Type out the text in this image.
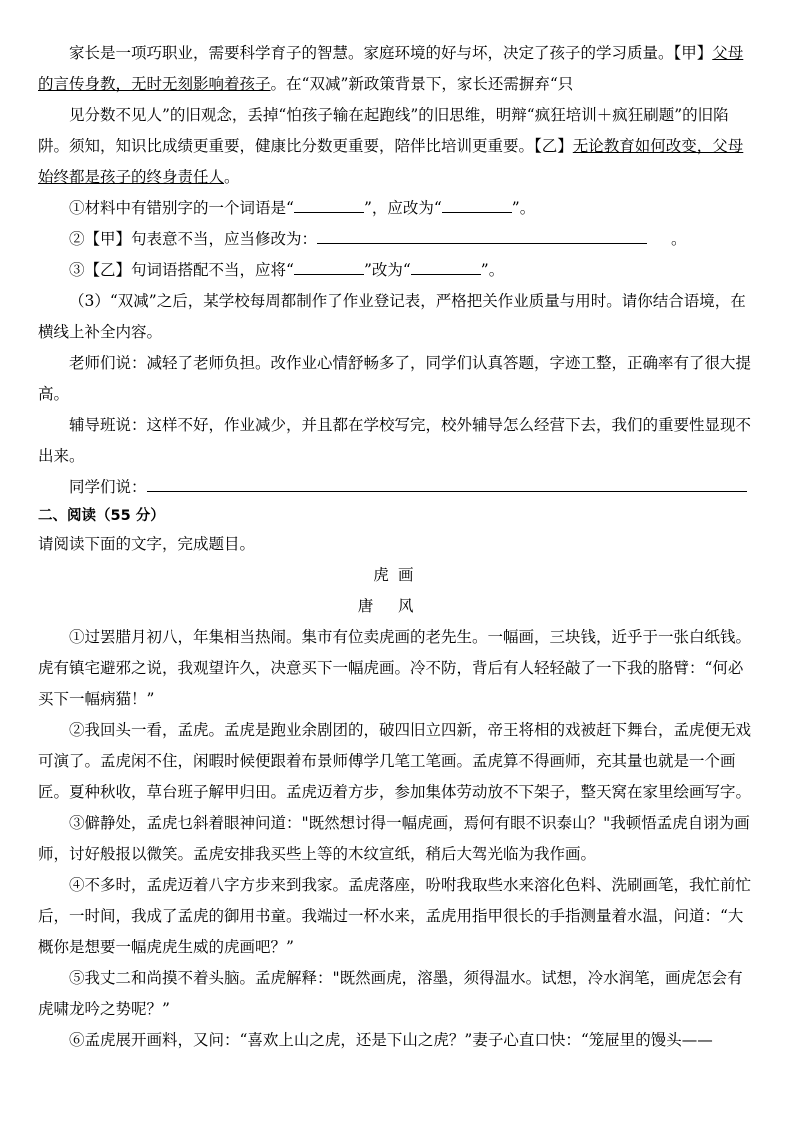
家长是一项巧职业，需要科学育子的智慧。家庭环境的好与坏，决定了孩子的学习质量。【甲】父母的言传身教，无时无刻影响着孩子。在“双减”新政策背景下，家长还需摒弃“只

见分数不见人”的旧观念，丢掉“怕孩子输在起跑线”的旧思维，明辩“疯狂培训＋疯狂刷题”的旧陷阱。须知，知识比成绩更重要，健康比分数更重要，陪伴比培训更重要。【乙】无论教育如何改变，父母始终都是孩子的终身责任人。

①材料中有错别字的一个词语是“	”，应改为“	”。

②【甲】句表意不当，应当修改为：	。

③【乙】句词语搭配不当，应将“	”改为“	”。

（3）“双减”之后，某学校每周都制作了作业登记表，严格把关作业质量与用时。请你结合语境，在横线上补全内容。

老师们说：减轻了老师负担。改作业心情舒畅多了，同学们认真答题，字迹工整，正确率有了很大提高。

辅导班说：这样不好，作业减少，并且都在学校写完，校外辅导怎么经营下去，我们的重要性显现不出来。

同学们说：

二、阅读（55 分）

请阅读下面的文字，完成题目。

虎画

唐风

①过罢腊月初八，年集相当热闹。集市有位卖虎画的老先生。一幅画，三块钱，近乎于一张白纸钱。虎有镇宅避邪之说，我观望许久，决意买下一幅虎画。冷不防，背后有人轻轻敲了一下我的胳臂：“何必买下一幅病猫！”

②我回头一看，孟虎。孟虎是跑业余剧团的，破四旧立四新，帝王将相的戏被赶下舞台，孟虎便无戏可演了。孟虎闲不住，闲暇时候便跟着布景师傅学几笔工笔画。孟虎算不得画师，充其量也就是一个画匠。夏种秋收，草台班子解甲归田。孟虎迈着方步，参加集体劳动放不下架子，整天窝在家里绘画写字。

③僻静处，孟虎乜斜着眼神问道："既然想讨得一幅虎画，焉何有眼不识泰山？"我顿悟孟虎自诩为画师，讨好般报以微笑。孟虎安排我买些上等的木纹宣纸，稍后大驾光临为我作画。

④不多时，孟虎迈着八字方步来到我家。孟虎落座，吩咐我取些水来溶化色料、洗刷画笔，我忙前忙后，一时间，我成了孟虎的御用书童。我端过一杯水来，孟虎用指甲很长的手指测量着水温，问道：“大概你是想要一幅虎虎生威的虎画吧？”

⑤我丈二和尚摸不着头脑。孟虎解释："既然画虎，溶墨，须得温水。试想，冷水润笔，画虎怎会有虎啸龙吟之势呢？”

⑥孟虎展开画料，又问：“喜欢上山之虎，还是下山之虎？”妻子心直口快：“笼屉里的馒头——
